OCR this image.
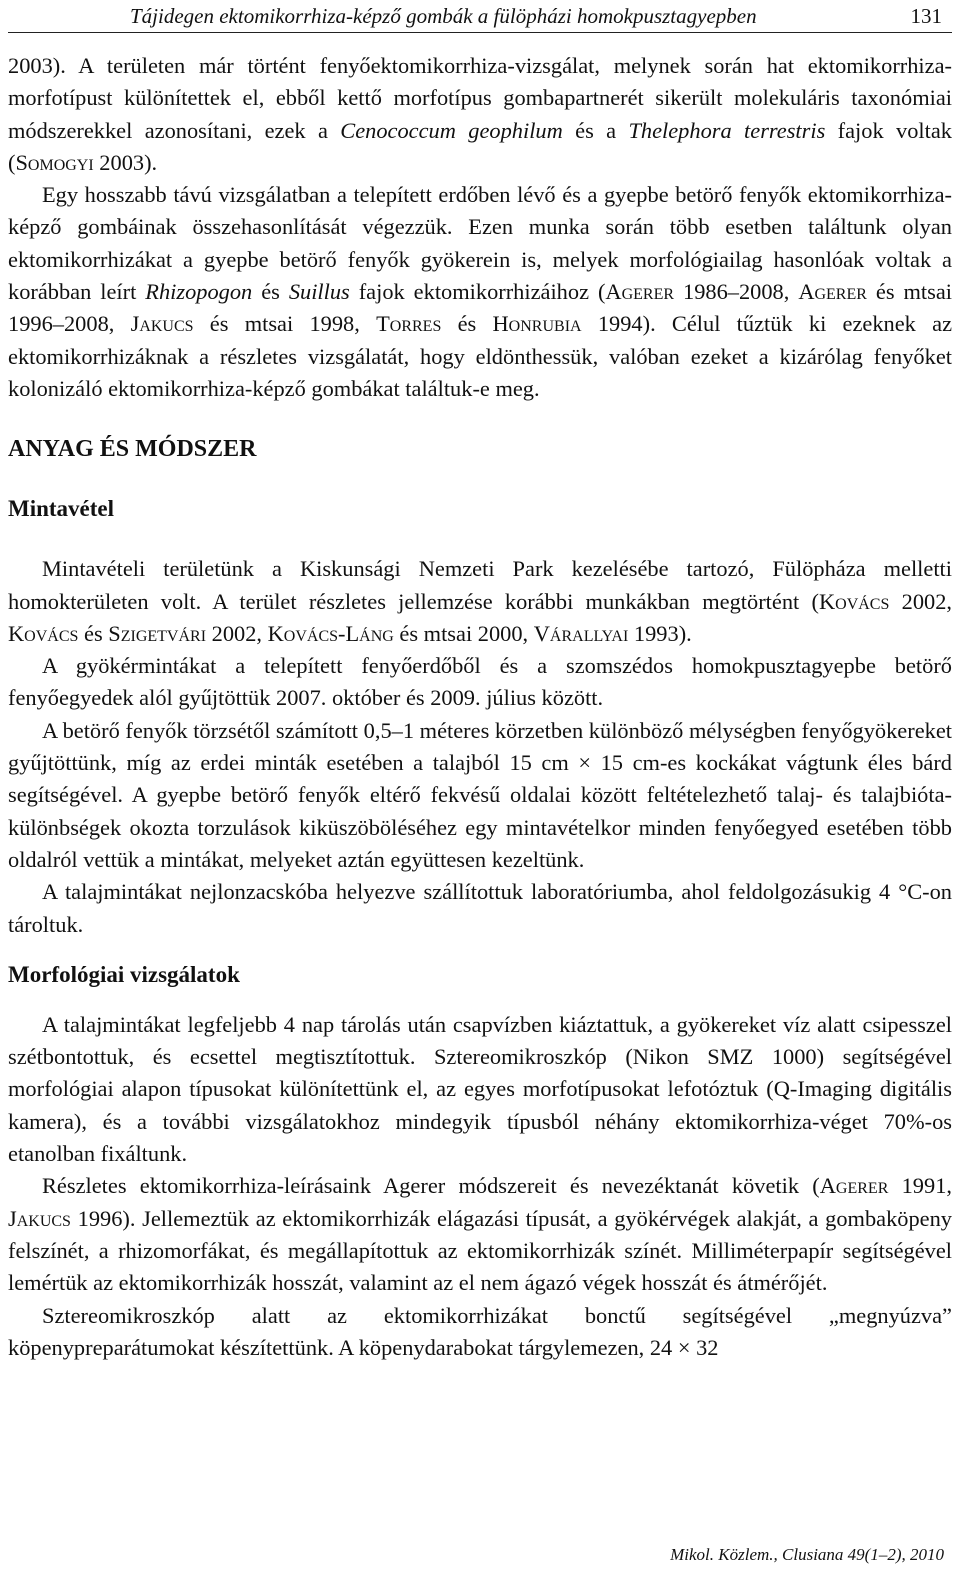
Tájidegen ektomikorrhiza-képző gombák a fülöpházi homokpusztagyepben	131

2003). A területen már történt fenyőektomikorrhiza-vizsgálat, melynek során hat ektomikorrhiza-morfotípust különítettek el, ebből kettő morfotípus gombapartnerét sikerült molekuláris taxonómiai módszerekkel azonosítani, ezek a Cenococcum geophilum és a Thelephora terrestris fajok voltak (Somogyi 2003).

Egy hosszabb távú vizsgálatban a telepített erdőben lévő és a gyepbe betörő fenyők ektomikorrhiza-képző gombáinak összehasonlítását végezzük. Ezen munka során több esetben találtunk olyan ektomikorrhizákat a gyepbe betörő fenyők gyökerein is, melyek morfológiailag hasonlóak voltak a korábban leírt Rhizopogon és Suillus fajok ektomikorrhizáihoz (Agerer 1986–2008, Agerer és mtsai 1996–2008, Jakucs és mtsai 1998, Torres és Honrubia 1994). Célul tűztük ki ezeknek az ektomikorrhizáknak a részletes vizsgálatát, hogy eldönthessük, valóban ezeket a kizárólag fenyőket kolonizáló ektomikorrhiza-képző gombákat találtuk-e meg.

ANYAG ÉS MÓDSZER
Mintavétel

Mintavételi területünk a Kiskunsági Nemzeti Park kezelésébe tartozó, Fülöpháza melletti homokterületen volt. A terület részletes jellemzése korábbi munkákban megtörtént (Kovács 2002, Kovács és Szigetvári 2002, Kovács-Láng és mtsai 2000, Várallyai 1993).

A gyökérmintákat a telepített fenyőerdőből és a szomszédos homokpusztagyepbe betörő fenyőegyedek alól gyűjtöttük 2007. október és 2009. július között.

A betörő fenyők törzsétől számított 0,5–1 méteres körzetben különböző mélységben fenyőgyökereket gyűjtöttünk, míg az erdei minták esetében a talajból 15 cm × 15 cm-es kockákat vágtunk éles bárd segítségével. A gyepbe betörő fenyők eltérő fekvésű oldalai között feltételezhető talaj- és talajbióta-különbségek okozta torzulások kiküszöböléséhez egy mintavételkor minden fenyőegyed esetében több oldalról vettük a mintákat, melyeket aztán együttesen kezeltünk.

A talajmintákat nejlonzacskóba helyezve szállítottuk laboratóriumba, ahol feldolgozásukig 4 °C-on tároltuk.

Morfológiai vizsgálatok

A talajmintákat legfeljebb 4 nap tárolás után csapvízben kiáztattuk, a gyökereket víz alatt csipesszel szétbontottuk, és ecsettel megtisztítottuk. Sztereomikroszkóp (Nikon SMZ 1000) segítségével morfológiai alapon típusokat különítettünk el, az egyes morfotípusokat lefotóztuk (Q-Imaging digitális kamera), és a további vizsgálatokhoz mindegyik típusból néhány ektomikorrhiza-véget 70%-os etanolban fixáltunk.

Részletes ektomikorrhiza-leírásaink Agerer módszereit és nevezéktanát követik (Agerer 1991, Jakucs 1996). Jellemeztük az ektomikorrhizák elágazási típusát, a gyökérvégek alakját, a gombaköpeny felszínét, a rhizomorfákat, és megállapítottuk az ektomikorrhizák színét. Milliméterpapír segítségével lemértük az ektomikorrhizák hosszát, valamint az el nem ágazó végek hosszát és átmérőjét.

Sztereomikroszkóp alatt az ektomikorrhizákat bonctű segítségével „megnyúzva” köpenypreparátumokat készítettünk. A köpenydarabokat tárgylemezen, 24 × 32

Mikol. Közlem., Clusiana 49(1–2), 2010
